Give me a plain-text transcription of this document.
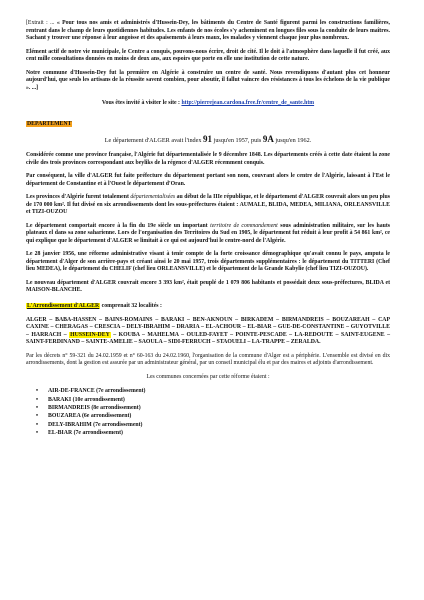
[Extrait : ... « Pour tous nos amis et administrés d'Hussein-Dey, les bâtiments du Centre de Santé figurent parmi les constructions familières, rentrant dans le champ de leurs quotidiennes habitudes. Les enfants de nos écoles s'y acheminent en longues files sous la conduite de leurs maîtres. Sachant y trouver une réponse à leur angoisse et des apaisements à leurs maux, les malades y viennent chaque jour plus nombreux.

Elément actif de notre vie municipale, le Centre a conquis, pouvons-nous écrire, droit de cité. Il le doit à l'atmosphère dans laquelle il fut créé, aux cent mille consultations données en moins de deux ans, aux espoirs que porte en elle une institution de cette nature.

Notre commune d'Hussein-Dey fut la première en Algérie à construire un centre de santé. Nous revendiquons d'autant plus cet honneur aujourd'hui, que seuls les artisans de la réussite savent combien, pour aboutir, il fallut vaincre des résistances à tous les échelons de la vie publique ». ...]

Vous êtes invité à visiter le site : http://pierrejean.cardona.free.fr/centre_de_sante.htm

DEPARTEMENT

Le département d'ALGER avait l'index 91 jusqu'en 1957, puis 9A jusqu'en 1962.

Considérée comme une province française, l'Algérie fut départementalisée le 9 décembre 1848. Les départements créés à cette date étaient la zone civile des trois provinces correspondant aux beyliks de la régence d'ALGER récemment conquis.

Par conséquent, la ville d'ALGER fut faite préfecture du département portant son nom, couvrant alors le centre de l'Algérie, laissant à l'Est le département de Constantine et à l'Ouest le département d'Oran.

Les provinces d'Algérie furent totalement départementalisées au début de la IIIe république, et le département d'ALGER couvrait alors un peu plus de 170 000 km². Il fut divisé en six arrondissements dont les sous-préfectures étaient : AUMALE, BLIDA, MEDEA, MILIANA, ORLEANSVILLE et TIZI-OUZOU

Le département comportait encore à la fin du 19e siècle un important territoire de commandement sous administration militaire, sur les hauts plateaux el dans sa zone saharienne. Lors de l'organisation des Territoires du Sud en 1905, le département fut réduit à leur profit à 54 861 km², ce qui explique que le département d'ALGER se limitait à ce qui est aujourd'hui le centre-nord de l'Algérie.

Le 28 janvier 1956, une réforme administrative visant à tenir compte de la forte croissance démographique qu'avait connu le pays, amputa le département d'Alger de son arrière-pays et créant ainsi le 20 mai 1957, trois départements supplémentaires : le département du TITTERI (Chef lieu MEDEA), le département du CHELIF (chef lieu ORLEANSVILLE) et le département de la Grande Kabylie (chef lieu TIZI-OUZOU).

Le nouveau département d'ALGER couvrait encore 3 393 km², était peuplé de 1 079 806 habitants et possédait deux sous-préfectures, BLIDA et MAISON-BLANCHE.

L'Arrondissement d'ALGER comprenait 32 localités :

ALGER – BABA-HASSEN – BAINS-ROMAINS – BARAKI – BEN-AKNOUN – BIRKADEM – BIRMANDREIS – BOUZAREAH – CAP CAXINE – CHERAGAS – CRESCIA – DELY-IBRAHIM – DRARIA – EL-ACHOUR – EL-BIAR – GUE-DE-CONSTANTINE – GUYOTVILLE – HARRACH – HUSSEIN-DEY – KOUBA – MAHELMA – OULED-FAYET – POINTE-PESCADE – LA-REDOUTE – SAINT-EUGENE – SAINT-FERDINAND – SAINTE-AMELIE – SAOULA – SIDI-FERRUCH – STAOUELI – LA-TRAPPE – ZERALDA.

Par les décrets n° 59-321 du 24.02.1959 et n° 60-163 du 24.02.1960, l'organisation de la commune d'Alger est a périphérie. L'ensemble est divisé en dix arrondissements, dont la gestion est assurée par un administrateur général, par un conseil municipal élu et par des maires et adjoints d'arrondissement.

Les communes concernées par cette réforme étaient :

• AIR-DE-FRANCE (7e arrondissement)
• BARAKI (10e arrondissement)
• BIRMANDREIS (8e arrondissement)
• BOUZAREA (6e arrondissement)
• DELY-IBRAHIM (7e arrondissement)
• EL-BIAR (7e arrondissement)
